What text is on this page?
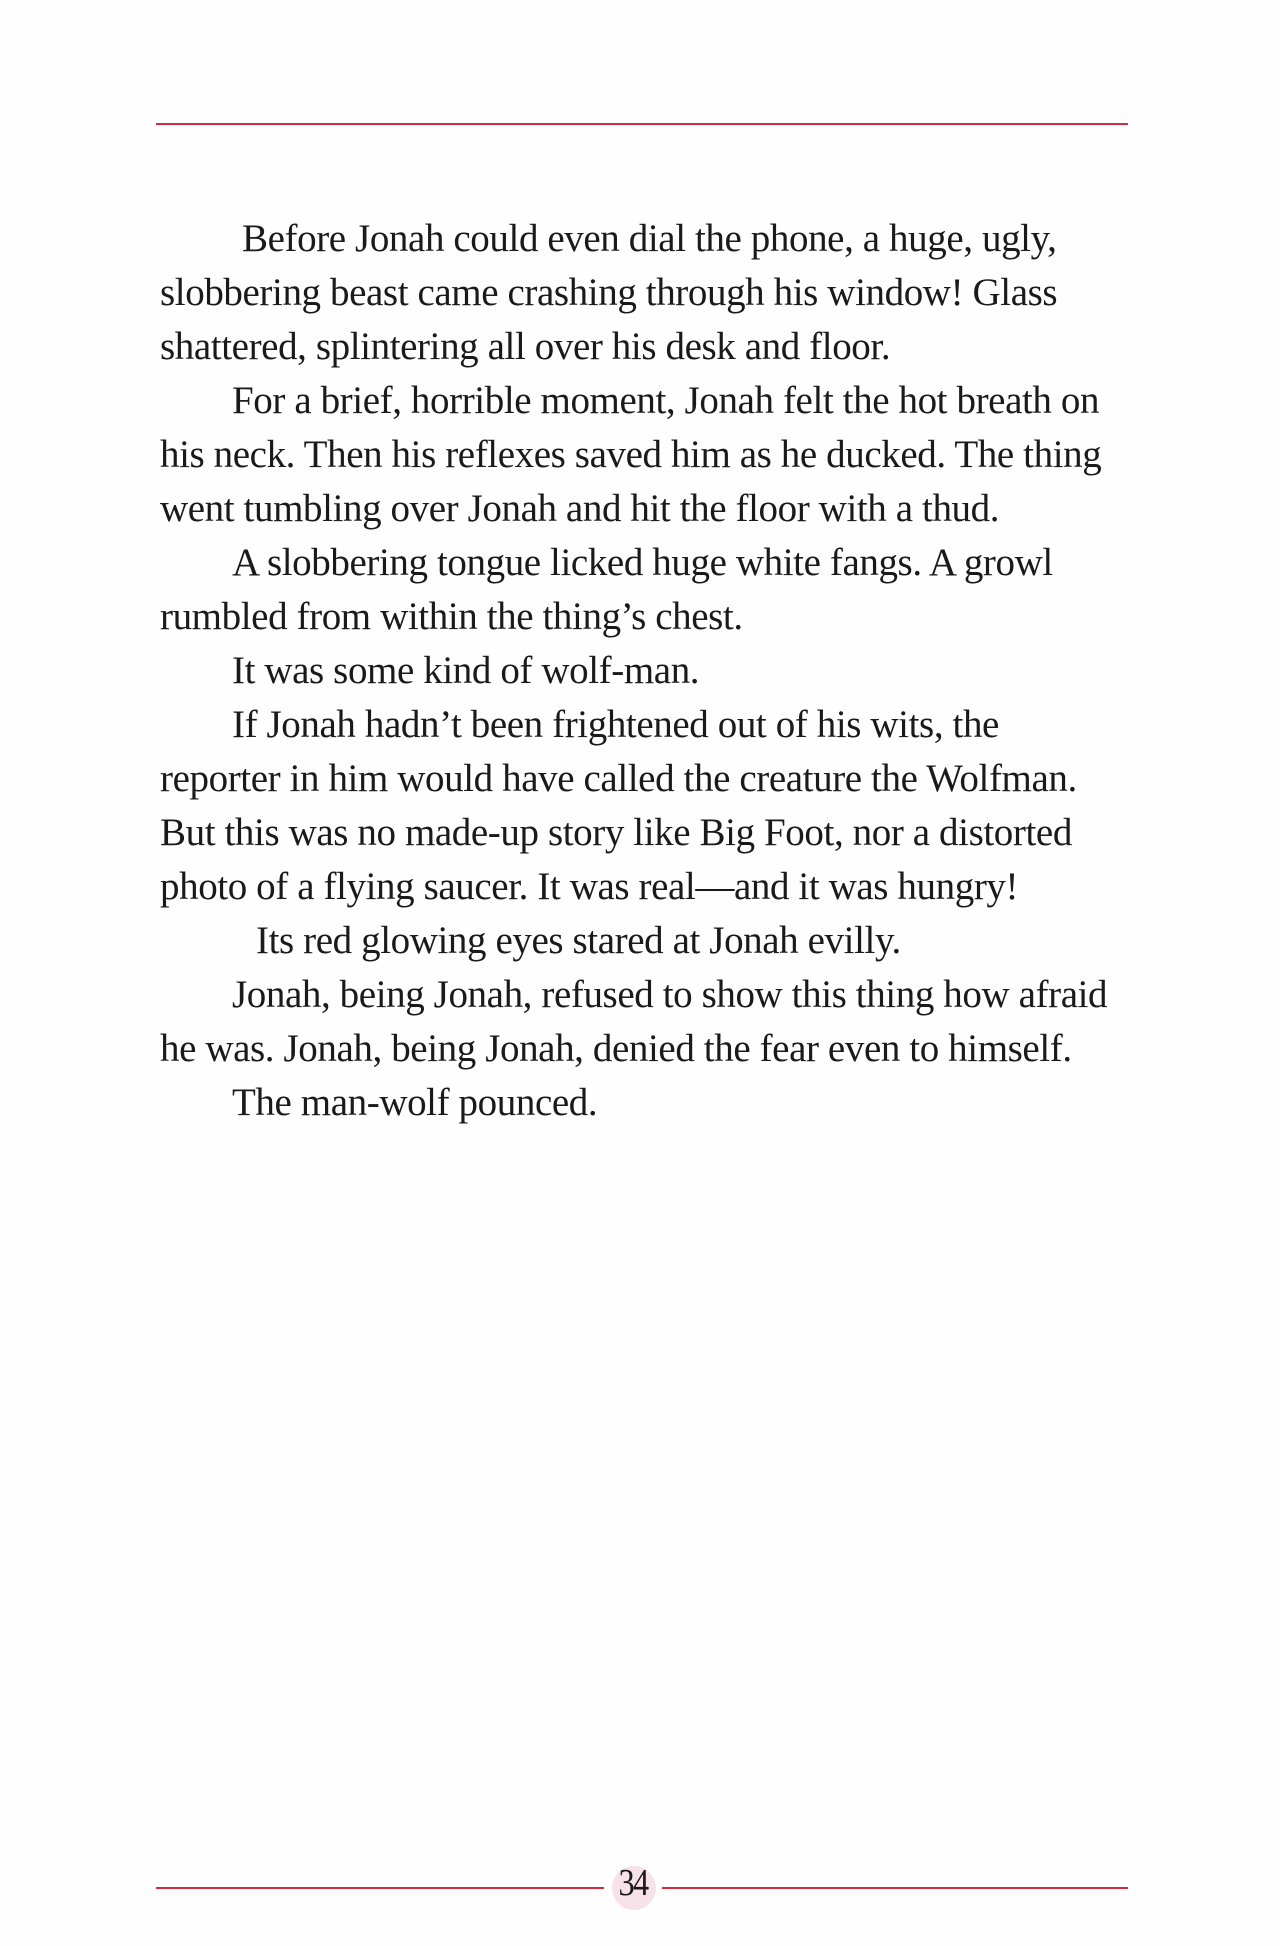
Before Jonah could even dial the phone, a huge, ugly, slobbering beast came crashing through his window! Glass shattered, splintering all over his desk and floor.

For a brief, horrible moment, Jonah felt the hot breath on his neck. Then his reflexes saved him as he ducked. The thing went tumbling over Jonah and hit the floor with a thud.

A slobbering tongue licked huge white fangs. A growl rumbled from within the thing’s chest.

It was some kind of wolf-man.

If Jonah hadn’t been frightened out of his wits, the reporter in him would have called the creature the Wolfman. But this was no made-up story like Big Foot, nor a distorted photo of a flying saucer. It was real—and it was hungry!

Its red glowing eyes stared at Jonah evilly.

Jonah, being Jonah, refused to show this thing how afraid he was. Jonah, being Jonah, denied the fear even to himself.

The man-wolf pounced.

34
